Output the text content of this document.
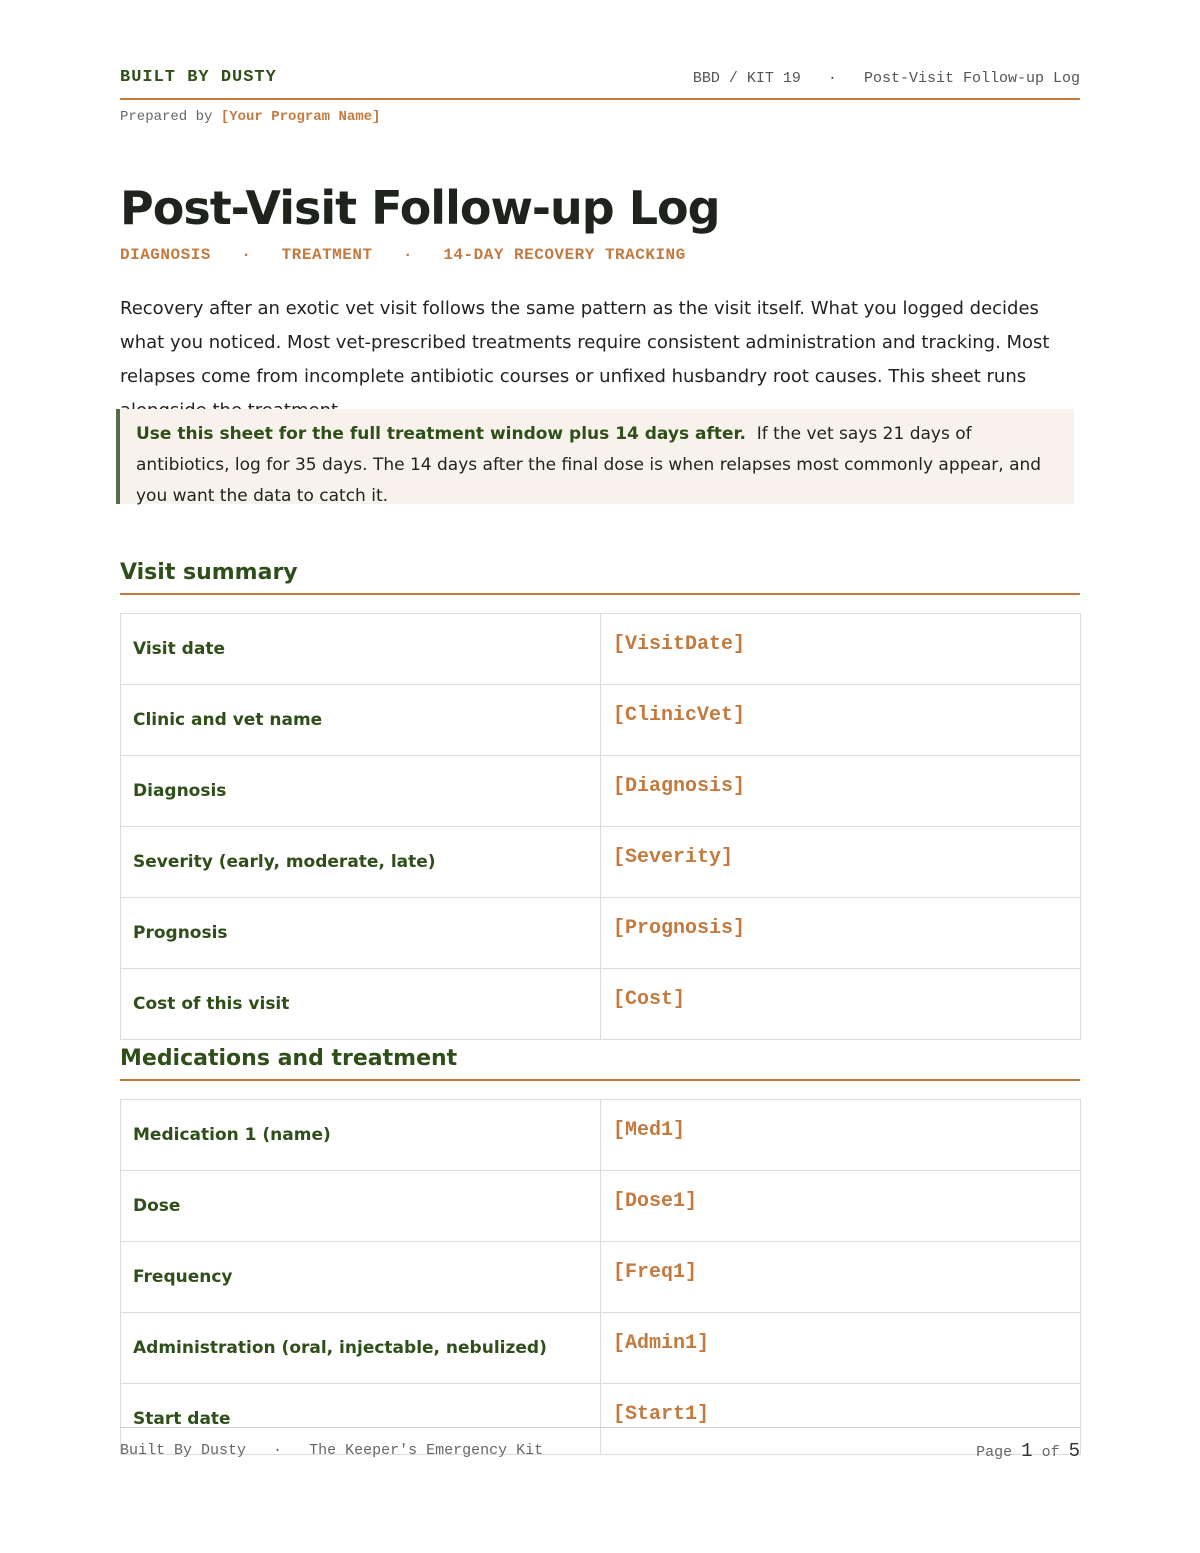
BUILT BY DUSTY	BBD / KIT 19 · Post-Visit Follow-up Log
Prepared by [Your Program Name]
Post-Visit Follow-up Log
DIAGNOSIS · TREATMENT · 14-DAY RECOVERY TRACKING

Recovery after an exotic vet visit follows the same pattern as the visit itself. What you logged decides what you noticed. Most vet-prescribed treatments require consistent administration and tracking. Most relapses come from incomplete antibiotic courses or unfixed husbandry root causes. This sheet runs

Use this sheet for the full treatment window plus 14 days after. If the vet says 21 days of antibiotics, log for 35 days. The 14 days after the final dose is when relapses most commonly appear, and you want the data to catch it.
Visit summary
Visit date	[VisitDate]
Clinic and vet name	[ClinicVet]
Diagnosis	[Diagnosis]
Severity (early, moderate, late)	[Severity]
Prognosis	[Prognosis]
Cost of this visit	[Cost]
Medications and treatment
Medication 1 (name)	[Med1]
Dose	[Dose1]
Frequency	[Freq1]
Administration (oral, injectable, nebulized)	[Admin1]
Start date	[Start1]
Built By Dusty · The Keeper's Emergency Kit	Page 1 of 5
